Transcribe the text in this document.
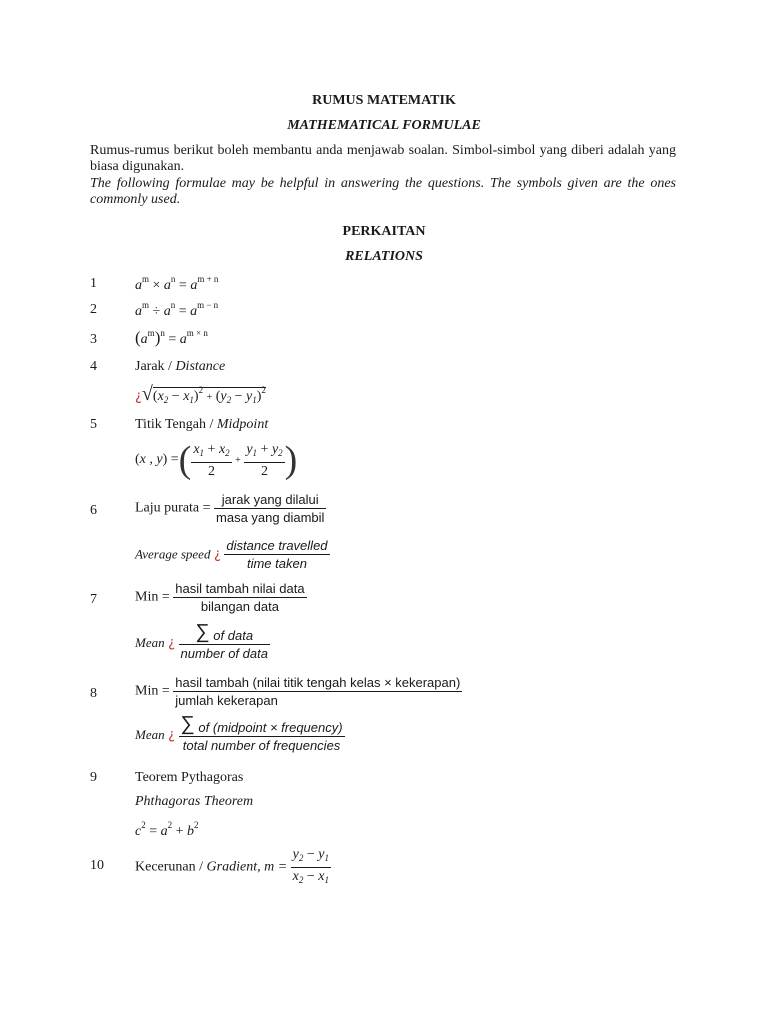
RUMUS MATEMATIK
MATHEMATICAL FORMULAE
Rumus-rumus berikut boleh membantu anda menjawab soalan. Simbol-simbol yang diberi adalah yang biasa digunakan.
The following formulae may be helpful in answering the questions. The symbols given are the ones commonly used.
PERKAITAN
RELATIONS
1	$a^m \times a^n = a^{m + n}$
2	$a^m \div a^n = a^{m - n}$
3 $(a^m)^n = a^{m \times n}$
4	Jarak / Distance
¿$√(x_2 - x_1)^2 + (y_2 - y_1)^2$
5	Titik Tengah / Midpoint
(x , y) =( $\frac{x_1 + x_2}{2} + \frac{y_1 + y_2}{2}$ )
6	Laju purata = $\frac{\text{jarak yang dilalui}}{\text{masa yang diambil}}$
Average speed ¿ $\frac{\text{distance travelled}}{\text{time taken}}$
7	Min = $\frac{\text{hasil tambah nilai data}}{\text{bilangan data}}$
Mean ¿ $\frac{\text{∑ of data}}{\text{number of data}}$
8	Min = $\frac{\text{hasil tambah (nilai titik tengah kelas × kekerapan)}}{\text{jumlah kekerapan}}$
Mean ¿ $\frac{\text{∑ of (midpoint × frequency)}}{\text{total number of frequencies}}$
9	Teorem Pythagoras
Phthagoras Theorem
$c^2 = a^2 + b^2$
10 Kecerunan / Gradient, $m = \frac{y_2 - y_1}{x_2 - x_1}$
